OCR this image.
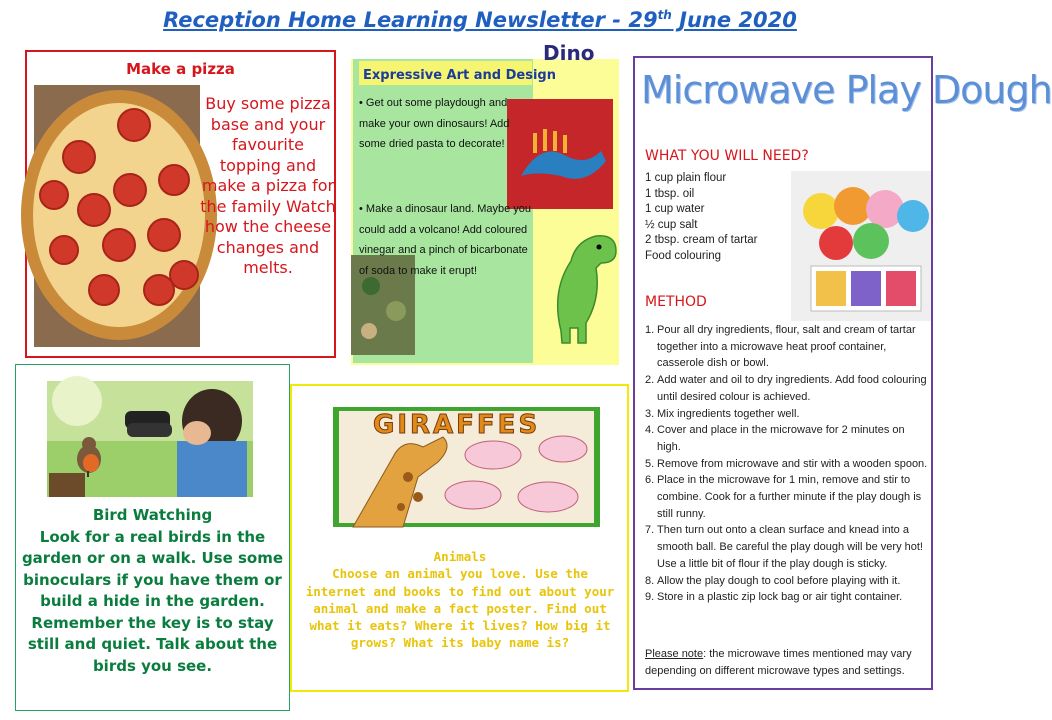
Reception Home Learning Newsletter - 29th June 2020
Make a pizza
Buy some pizza base and your favourite topping and make a pizza for the family Watch how the cheese changes and melts.
Dino
Expressive Art and Design
• Get out some playdough and make your own dinosaurs! Add some dried pasta to decorate!
• Make a dinosaur land. Maybe you could add a volcano! Add coloured vinegar and a pinch of bicarbonate of soda to make it erupt!
Microwave Play Dough
WHAT YOU WILL NEED?
1 cup plain flour
1 tbsp. oil
1 cup water
½ cup salt
2 tbsp. cream of tartar
Food colouring
METHOD
1. Pour all dry ingredients, flour, salt and cream of tartar together into a microwave heat proof container, casserole dish or bowl.
2. Add water and oil to dry ingredients. Add food colouring until desired colour is achieved.
3. Mix ingredients together well.
4. Cover and place in the microwave for 2 minutes on high.
5. Remove from microwave and stir with a wooden spoon.
6. Place in the microwave for 1 min, remove and stir to combine. Cook for a further minute if the play dough is still runny.
7. Then turn out onto a clean surface and knead into a smooth ball. Be careful the play dough will be very hot! Use a little bit of flour if the play dough is sticky.
8. Allow the play dough to cool before playing with it.
9. Store in a plastic zip lock bag or air tight container.
Please note: the microwave times mentioned may vary depending on different microwave types and settings.
Bird Watching
Look for a real birds in the garden or on a walk. Use some binoculars if you have them or build a hide in the garden. Remember the key is to stay still and quiet. Talk about the birds you see.
GIRAFFES
Animals
Choose an animal you love. Use the internet and books to find out about your animal and make a fact poster. Find out what it eats? Where it lives? How big it grows? What its baby name is?
